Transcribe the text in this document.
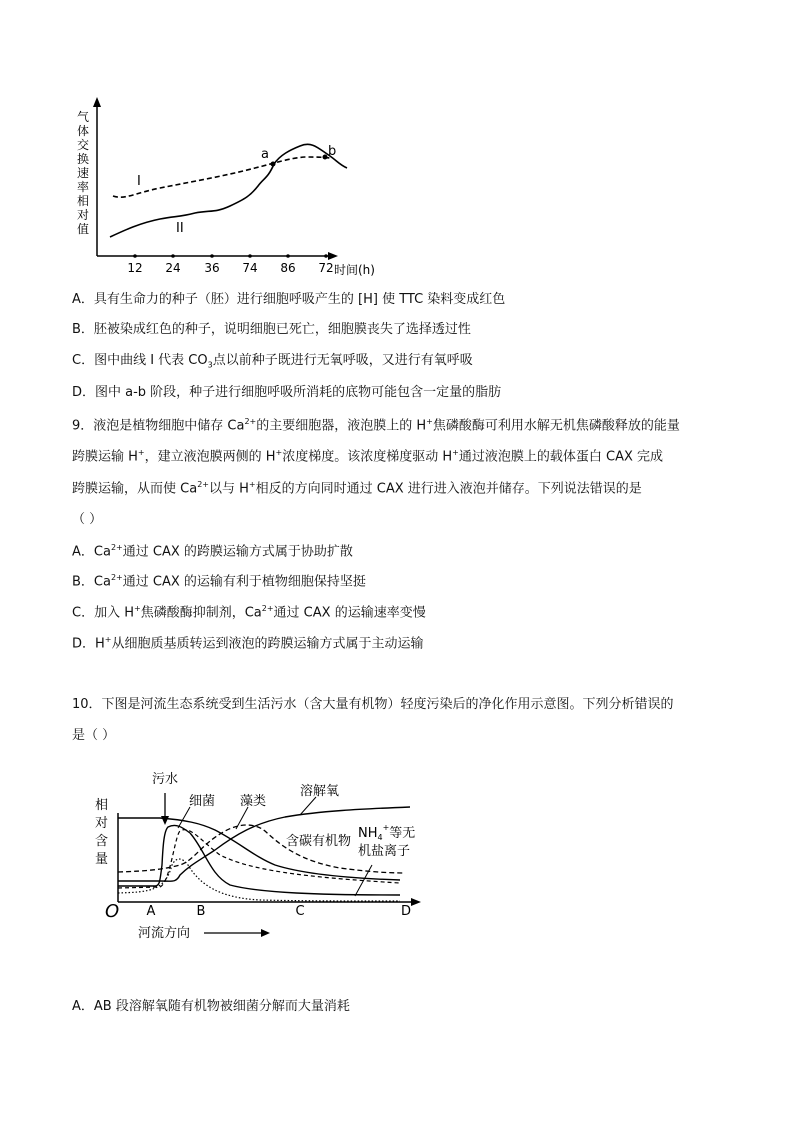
a	b
I
II
气
体
交
换
速
率
相
对
值
12 24 36 74 86 72 时间(h)
A．具有生命力的种子（胚）进行细胞呼吸产生的 [H] 使 TTC 染料变成红色
B．胚被染成红色的种子，说明细胞已死亡，细胞膜丧失了选择透过性
C．图中曲线 I 代表 $CO_3$点以前种子既进行无氧呼吸，又进行有氧呼吸
D．图中 a-b 阶段，种子进行细胞呼吸所消耗的底物可能包含一定量的脂肪
9．液泡是植物细胞中储存 $Ca^{2+}$的主要细胞器，液泡膜上的 H+焦磷酸酶可利用水解无机焦磷酸释放的能量
跨膜运输 H+，建立液泡膜两侧的 H+浓度梯度。该浓度梯度驱动 H+通过液泡膜上的载体蛋白 CAX 完成
跨膜运输，从而使 $Ca^{2+}$以与 H+相反的方向同时通过 CAX 进行进入液泡并储存。下列说法错误的是
（ ）
A．$Ca^{2+}$通过 CAX 的跨膜运输方式属于协助扩散
B．$Ca^{2+}$通过 CAX 的运输有利于植物细胞保持坚挺
C．加入 H+焦磷酸酶抑制剂，$Ca^{2+}$通过 CAX 的运输速率变慢
D．H+从细胞质基质转运到液泡的跨膜运输方式属于主动运输
10．下图是河流生态系统受到生活污水（含大量有机物）轻度污染后的净化作用示意图。下列分析错误的
是（ ）
污水
细菌 藻类
溶解氧
含碳有机物
$NH_4^+$等无
机盐离子
相
对
含
量
O A	B	C	D
河流方向
A．AB 段溶解氧随有机物被细菌分解而大量消耗
